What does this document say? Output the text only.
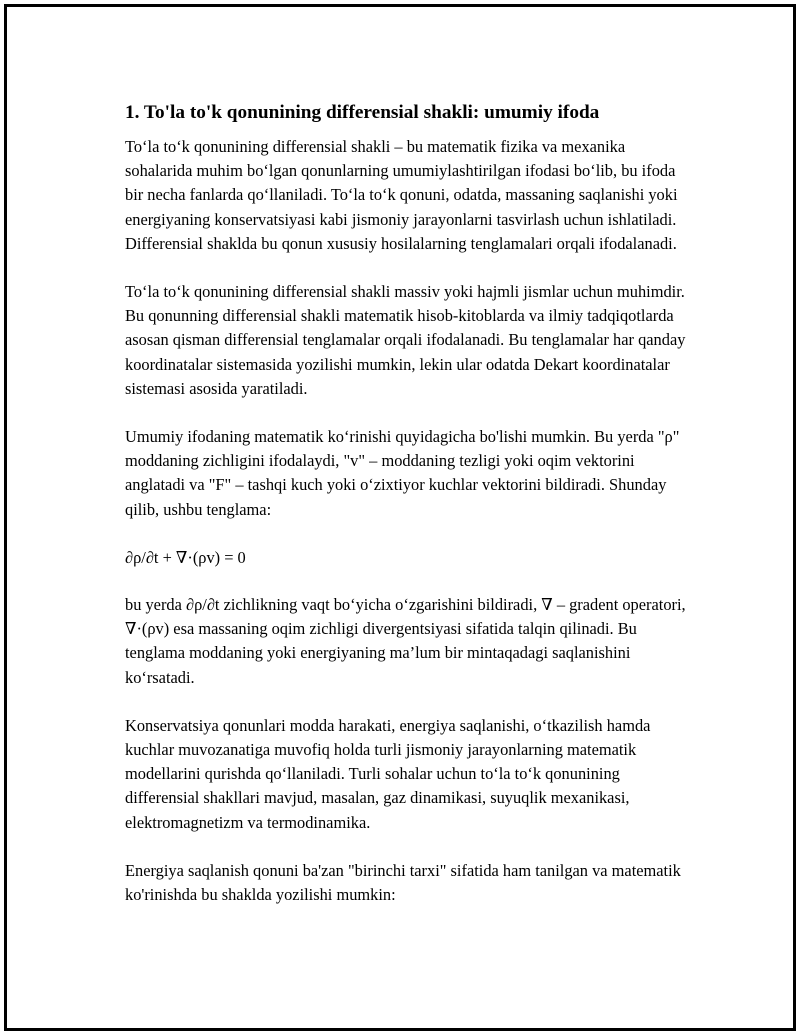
1. To'la to'k qonunining differensial shakli: umumiy ifoda

To‘la to‘k qonunining differensial shakli – bu matematik fizika va mexanika sohalarida muhim bo‘lgan qonunlarning umumiylashtirilgan ifodasi bo‘lib, bu ifoda bir necha fanlarda qo‘llaniladi. To‘la to‘k qonuni, odatda, massaning saqlanishi yoki energiyaning konservatsiyasi kabi jismoniy jarayonlarni tasvirlash uchun ishlatiladi. Differensial shaklda bu qonun xususiy hosilalarning tenglamalari orqali ifodalanadi.

To‘la to‘k qonunining differensial shakli massiv yoki hajmli jismlar uchun muhimdir. Bu qonunning differensial shakli matematik hisob-kitoblarda va ilmiy tadqiqotlarda asosan qisman differensial tenglamalar orqali ifodalanadi. Bu tenglamalar har qanday koordinatalar sistemasida yozilishi mumkin, lekin ular odatda Dekart koordinatalar sistemasi asosida yaratiladi.

Umumiy ifodaning matematik ko‘rinishi quyidagicha bo'lishi mumkin. Bu yerda "ρ" moddaning zichligini ifodalaydi, "v" – moddaning tezligi yoki oqim vektorini anglatadi va "F" – tashqi kuch yoki o‘zixtiyor kuchlar vektorini bildiradi. Shunday qilib, ushbu tenglama:

∂ρ/∂t + ∇·(ρv) = 0

bu yerda ∂ρ/∂t zichlikning vaqt bo‘yicha o‘zgarishini bildiradi, ∇ – gradent operatori, ∇·(ρv) esa massaning oqim zichligi divergentsiyasi sifatida talqin qilinadi. Bu tenglama moddaning yoki energiyaning ma’lum bir mintaqadagi saqlanishini ko‘rsatadi.

Konservatsiya qonunlari modda harakati, energiya saqlanishi, o‘tkazilish hamda kuchlar muvozanatiga muvofiq holda turli jismoniy jarayonlarning matematik modellarini qurishda qo‘llaniladi. Turli sohalar uchun to‘la to‘k qonunining differensial shakllari mavjud, masalan, gaz dinamikasi, suyuqlik mexanikasi, elektromagnetizm va termodinamika.

Energiya saqlanish qonuni ba'zan "birinchi tarxi" sifatida ham tanilgan va matematik ko'rinishda bu shaklda yozilishi mumkin:
